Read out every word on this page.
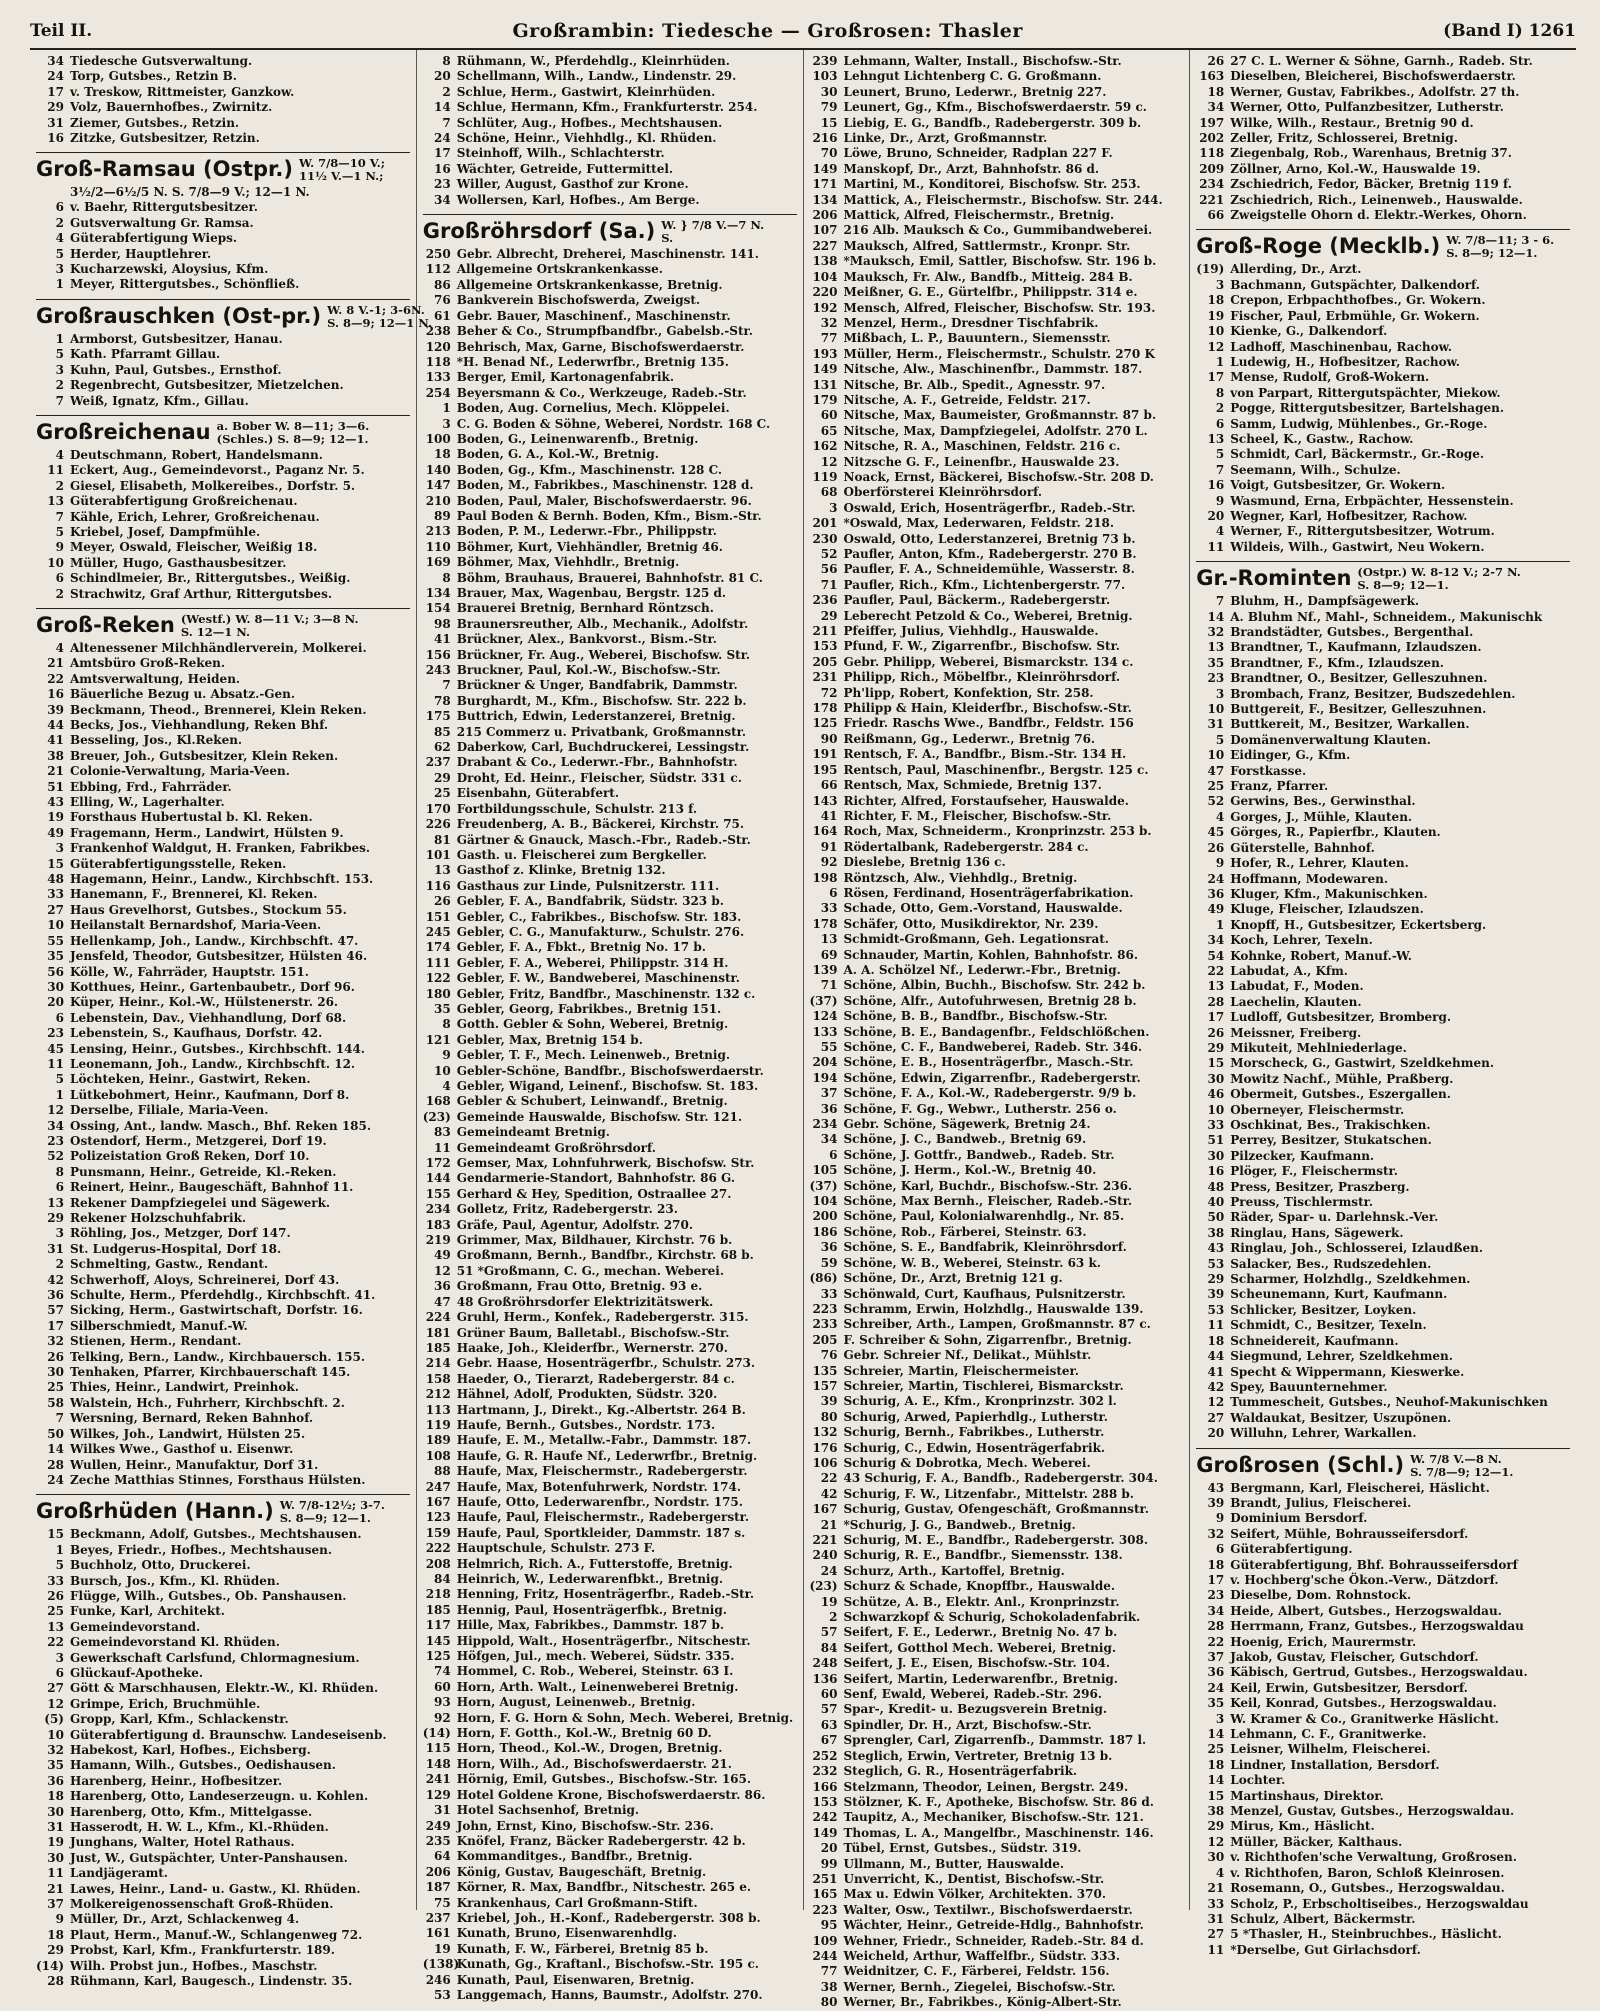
Teil II.	Großrambin: Tiedesche — Großrosen: Thasler	(Band I) 1261
34 Tiedesche Gutsverwaltung.
24 Torp, Gutsbes., Retzin B.
17 v. Treskow, Rittmeister, Ganzkow.
29 Volz, Bauernhofbes., Zwirnitz.
31 Ziemer, Gutsbes., Retzin.
16 Zitzke, Gutsbesitzer, Retzin.
Groß-Ramsau (Ostpr.) W. 7/8—10 V.;
11½ V.—1 N.;
3½/2—6½/5 N. S. 7/8—9 V.; 12—1 N.
6 v. Baehr, Rittergutsbesitzer.
2 Gutsverwaltung Gr. Ramsa.
4 Güterabfertigung Wieps.
5 Herder, Hauptlehrer.
3 Kucharzewski, Aloysius, Kfm.
1 Meyer, Rittergutsbes., Schönfließ.
Großrauschken (Ost-pr.) W. 8 V.-1; 3-6N.
S. 8—9; 12—1 N.
1 Armborst, Gutsbesitzer, Hanau.
5 Kath. Pfarramt Gillau.
3 Kuhn, Paul, Gutsbes., Ernsthof.
2 Regenbrecht, Gutsbesitzer, Mietzelchen.
7 Weiß, Ignatz, Kfm., Gillau.
Großreichenau a. Bober W. 8—11; 3—6.
(Schles.) S. 8—9; 12—1.
4 Deutschmann, Robert, Handelsmann.
11 Eckert, Aug., Gemeindevorst., Paganz Nr. 5.
2 Giesel, Elisabeth, Molkereibes., Dorfstr. 5.
13 Güterabfertigung Großreichenau.
7 Kähle, Erich, Lehrer, Großreichenau.
5 Kriebel, Josef, Dampfmühle.
9 Meyer, Oswald, Fleischer, Weißig 18.
10 Müller, Hugo, Gasthausbesitzer.
6 Schindlmeier, Br., Rittergutsbes., Weißig.
2 Strachwitz, Graf Arthur, Rittergutsbes.
Groß-Reken (Westf.) W. 8—11 V.; 3—8 N.
S. 12—1 N.
4 Altenessener Milchhändlerverein, Molkerei.
21 Amtsbüro Groß-Reken.
22 Amtsverwaltung, Heiden.
16 Bäuerliche Bezug u. Absatz.-Gen.
39 Beckmann, Theod., Brennerei, Klein Reken.
44 Becks, Jos., Viehhandlung, Reken Bhf.
41 Besseling, Jos., Kl.Reken.
38 Breuer, Joh., Gutsbesitzer, Klein Reken.
21 Colonie-Verwaltung, Maria-Veen.
51 Ebbing, Frd., Fahrräder.
43 Elling, W., Lagerhalter.
19 Forsthaus Hubertustal b. Kl. Reken.
49 Fragemann, Herm., Landwirt, Hülsten 9.
3 Frankenhof Waldgut, H. Franken, Fabrikbes.
15 Güterabfertigungsstelle, Reken.
48 Hagemann, Heinr., Landw., Kirchbschft. 153.
33 Hanemann, F., Brennerei, Kl. Reken.
27 Haus Grevelhorst, Gutsbes., Stockum 55.
10 Heilanstalt Bernardshof, Maria-Veen.
55 Hellenkamp, Joh., Landw., Kirchbschft. 47.
35 Jensfeld, Theodor, Gutsbesitzer, Hülsten 46.
56 Kölle, W., Fahrräder, Hauptstr. 151.
30 Kotthues, Heinr., Gartenbaubetr., Dorf 96.
20 Küper, Heinr., Kol.-W., Hülstenerstr. 26.
6 Lebenstein, Dav., Viehhandlung, Dorf 68.
23 Lebenstein, S., Kaufhaus, Dorfstr. 42.
45 Lensing, Heinr., Gutsbes., Kirchbschft. 144.
11 Leonemann, Joh., Landw., Kirchbschft. 12.
5 Löchteken, Heinr., Gastwirt, Reken.
1 Lütkebohmert, Heinr., Kaufmann, Dorf 8.
12 Derselbe, Filiale, Maria-Veen.
34 Ossing, Ant., landw. Masch., Bhf. Reken 185.
23 Ostendorf, Herm., Metzgerei, Dorf 19.
52 Polizeistation Groß Reken, Dorf 10.
8 Punsmann, Heinr., Getreide, Kl.-Reken.
6 Reinert, Heinr., Baugeschäft, Bahnhof 11.
13 Rekener Dampfziegelei und Sägewerk.
29 Rekener Holzschuhfabrik.
3 Röhling, Jos., Metzger, Dorf 147.
31 St. Ludgerus-Hospital, Dorf 18.
2 Schmelting, Gastw., Rendant.
42 Schwerhoff, Aloys, Schreinerei, Dorf 43.
36 Schulte, Herm., Pferdehdlg., Kirchbschft. 41.
57 Sicking, Herm., Gastwirtschaft, Dorfstr. 16.
17 Silberschmiedt, Manuf.-W.
32 Stienen, Herm., Rendant.
26 Telking, Bern., Landw., Kirchbauersch. 155.
30 Tenhaken, Pfarrer, Kirchbauerschaft 145.
25 Thies, Heinr., Landwirt, Preinhok.
58 Walstein, Hch., Fuhrherr, Kirchbschft. 2.
7 Wersning, Bernard, Reken Bahnhof.
50 Wilkes, Joh., Landwirt, Hülsten 25.
14 Wilkes Wwe., Gasthof u. Eisenwr.
28 Wullen, Heinr., Manufaktur, Dorf 31.
24 Zeche Matthias Stinnes, Forsthaus Hülsten.
Großrhüden (Hann.) W. 7/8-12½; 3-7.
S. 8—9; 12—1.
15 Beckmann, Adolf, Gutsbes., Mechtshausen.
1 Beyes, Friedr., Hofbes., Mechtshausen.
5 Buchholz, Otto, Druckerei.
33 Bursch, Jos., Kfm., Kl. Rhüden.
26 Flügge, Wilh., Gutsbes., Ob. Panshausen.
25 Funke, Karl, Architekt.
13 Gemeindevorstand.
22 Gemeindevorstand Kl. Rhüden.
3 Gewerkschaft Carlsfund, Chlormagnesium.
6 Glückauf-Apotheke.
27 Gött & Marschhausen, Elektr.-W., Kl. Rhüden.
12 Grimpe, Erich, Bruchmühle.
(5) Gropp, Karl, Kfm., Schlackenstr.
10 Güterabfertigung d. Braunschw. Landeseisenb.
32 Habekost, Karl, Hofbes., Eichsberg.
35 Hamann, Wilh., Gutsbes., Oedishausen.
36 Harenberg, Heinr., Hofbesitzer.
18 Harenberg, Otto, Landeserzeugn. u. Kohlen.
30 Harenberg, Otto, Kfm., Mittelgasse.
31 Hasserodt, H. W. L., Kfm., Kl.-Rhüden.
19 Junghans, Walter, Hotel Rathaus.
30 Just, W., Gutspächter, Unter-Panshausen.
11 Landjägeramt.
21 Lawes, Heinr., Land- u. Gastw., Kl. Rhüden.
37 Molkereigenossenschaft Groß-Rhüden.
9 Müller, Dr., Arzt, Schlackenweg 4.
18 Plaut, Herm., Manuf.-W., Schlangenweg 72.
29 Probst, Karl, Kfm., Frankfurterstr. 189.
(14) Wilh. Probst jun., Hofbes., Maschstr.
28 Rühmann, Karl, Baugesch., Lindenstr. 35.
8 Rühmann, W., Pferdehdlg., Kleinrhüden.
20 Schellmann, Wilh., Landw., Lindenstr. 29.
2 Schlue, Herm., Gastwirt, Kleinrhüden.
14 Schlue, Hermann, Kfm., Frankfurterstr. 254.
7 Schlüter, Aug., Hofbes., Mechtshausen.
24 Schöne, Heinr., Viehhdlg., Kl. Rhüden.
17 Steinhoff, Wilh., Schlachterstr.
16 Wächter, Getreide, Futtermittel.
23 Willer, August, Gasthof zur Krone.
34 Wollersen, Karl, Hofbes., Am Berge.
Großröhrsdorf (Sa.) W. } 7/8 V.—7 N.
S.
250 Gebr. Albrecht, Dreherei, Maschinenstr. 141.
112 Allgemeine Ortskrankenkasse.
86 Allgemeine Ortskrankenkasse, Bretnig.
76 Bankverein Bischofswerda, Zweigst.
61 Gebr. Bauer, Maschinenf., Maschinenstr.
238 Beher & Co., Strumpfbandfbr., Gabelsb.-Str.
120 Behrisch, Max, Garne, Bischofswerdaerstr.
118 *H. Benad Nf., Lederwrfbr., Bretnig 135.
133 Berger, Emil, Kartonagenfabrik.
254 Beyersmann & Co., Werkzeuge, Radeb.-Str.
1 Boden, Aug. Cornelius, Mech. Klöppelei.
3 C. G. Boden & Söhne, Weberei, Nordstr. 168 C.
100 Boden, G., Leinenwarenfb., Bretnig.
18 Boden, G. A., Kol.-W., Bretnig.
140 Boden, Gg., Kfm., Maschinenstr. 128 C.
147 Boden, M., Fabrikbes., Maschinenstr. 128 d.
210 Boden, Paul, Maler, Bischofswerdaerstr. 96.
89 Paul Boden & Bernh. Boden, Kfm., Bism.-Str.
213 Boden, P. M., Lederwr.-Fbr., Philippstr.
110 Böhmer, Kurt, Viehhändler, Bretnig 46.
169 Böhmer, Max, Viehhdlr., Bretnig.
8 Böhm, Brauhaus, Brauerei, Bahnhofstr. 81 C.
134 Brauer, Max, Wagenbau, Bergstr. 125 d.
154 Brauerei Bretnig, Bernhard Röntzsch.
98 Braunersreuther, Alb., Mechanik., Adolfstr.
41 Brückner, Alex., Bankvorst., Bism.-Str.
156 Brückner, Fr. Aug., Weberei, Bischofsw. Str.
243 Bruckner, Paul, Kol.-W., Bischofsw.-Str.
7 Brückner & Unger, Bandfabrik, Dammstr.
78 Burghardt, M., Kfm., Bischofsw. Str. 222 b.
175 Buttrich, Edwin, Lederstanzerei, Bretnig.
85 215 Commerz u. Privatbank, Großmannstr.
62 Daberkow, Carl, Buchdruckerei, Lessingstr.
237 Drabant & Co., Lederwr.-Fbr., Bahnhofstr.
29 Droht, Ed. Heinr., Fleischer, Südstr. 331 c.
25 Eisenbahn, Güterabfert.
170 Fortbildungsschule, Schulstr. 213 f.
226 Freudenberg, A. B., Bäckerei, Kirchstr. 75.
81 Gärtner & Gnauck, Masch.-Fbr., Radeb.-Str.
101 Gasth. u. Fleischerei zum Bergkeller.
13 Gasthof z. Klinke, Bretnig 132.
116 Gasthaus zur Linde, Pulsnitzerstr. 111.
26 Gebler, F. A., Bandfabrik, Südstr. 323 b.
151 Gebler, C., Fabrikbes., Bischofsw. Str. 183.
245 Gebler, C. G., Manufakturw., Schulstr. 276.
174 Gebler, F. A., Fbkt., Bretnig No. 17 b.
111 Gebler, F. A., Weberei, Philippstr. 314 H.
122 Gebler, F. W., Bandweberei, Maschinenstr.
180 Gebler, Fritz, Bandfbr., Maschinenstr. 132 c.
35 Gebler, Georg, Fabrikbes., Bretnig 151.
8 Gotth. Gebler & Sohn, Weberei, Bretnig.
121 Gebler, Max, Bretnig 154 b.
9 Gebler, T. F., Mech. Leinenweb., Bretnig.
10 Gebler-Schöne, Bandfbr., Bischofswerdaerstr.
4 Gebler, Wigand, Leinenf., Bischofsw. St. 183.
168 Gebler & Schubert, Leinwandf., Bretnig.
(23) Gemeinde Hauswalde, Bischofsw. Str. 121.
83 Gemeindeamt Bretnig.
11 Gemeindeamt Großröhrsdorf.
172 Gemser, Max, Lohnfuhrwerk, Bischofsw. Str.
144 Gendarmerie-Standort, Bahnhofstr. 86 G.
155 Gerhard & Hey, Spedition, Ostraallee 27.
234 Golletz, Fritz, Radebergerstr. 23.
183 Gräfe, Paul, Agentur, Adolfstr. 270.
219 Grimmer, Max, Bildhauer, Kirchstr. 76 b.
49 Großmann, Bernh., Bandfbr., Kirchstr. 68 b.
12 51 *Großmann, C. G., mechan. Weberei.
36 Großmann, Frau Otto, Bretnig. 93 e.
47 48 Großröhrsdorfer Elektrizitätswerk.
224 Gruhl, Herm., Konfek., Radebergerstr. 315.
181 Grüner Baum, Balletabl., Bischofsw.-Str.
185 Haake, Joh., Kleiderfbr., Wernerstr. 270.
214 Gebr. Haase, Hosenträgerfbr., Schulstr. 273.
158 Haeder, O., Tierarzt, Radebergerstr. 84 c.
212 Hähnel, Adolf, Produkten, Südstr. 320.
113 Hartmann, J., Direkt., Kg.-Albertstr. 264 B.
119 Haufe, Bernh., Gutsbes., Nordstr. 173.
189 Haufe, E. M., Metallw.-Fabr., Dammstr. 187.
108 Haufe, G. R. Haufe Nf., Lederwrfbr., Bretnig.
88 Haufe, Max, Fleischermstr., Radebergerstr.
247 Haufe, Max, Botenfuhrwerk, Nordstr. 174.
167 Haufe, Otto, Lederwarenfbr., Nordstr. 175.
123 Haufe, Paul, Fleischermstr., Radebergerstr.
159 Haufe, Paul, Sportkleider, Dammstr. 187 s.
222 Hauptschule, Schulstr. 273 F.
208 Helmrich, Rich. A., Futterstoffe, Bretnig.
84 Heinrich, W., Lederwarenfbkt., Bretnig.
218 Henning, Fritz, Hosenträgerfbr., Radeb.-Str.
185 Hennig, Paul, Hosenträgerfbk., Bretnig.
117 Hille, Max, Fabrikbes., Dammstr. 187 b.
145 Hippold, Walt., Hosenträgerfbr., Nitschestr.
125 Höfgen, Jul., mech. Weberei, Südstr. 335.
74 Hommel, C. Rob., Weberei, Steinstr. 63 I.
60 Horn, Arth. Walt., Leinenweberei Bretnig.
93 Horn, August, Leinenweb., Bretnig.
92 Horn, F. G. Horn & Sohn, Mech. Weberei, Bretnig.
(14) Horn, F. Gotth., Kol.-W., Bretnig 60 D.
115 Horn, Theod., Kol.-W., Drogen, Bretnig.
148 Horn, Wilh., Ad., Bischofswerdaerstr. 21.
241 Hörnig, Emil, Gutsbes., Bischofsw.-Str. 165.
129 Hotel Goldene Krone, Bischofswerdaerstr. 86.
31 Hotel Sachsenhof, Bretnig.
249 John, Ernst, Kino, Bischofsw.-Str. 236.
235 Knöfel, Franz, Bäcker Radebergerstr. 42 b.
64 Kommanditges., Bandfbr., Bretnig.
206 König, Gustav, Baugeschäft, Bretnig.
187 Körner, R. Max, Bandfbr., Nitschestr. 265 e.
75 Krankenhaus, Carl Großmann-Stift.
237 Kriebel, Joh., H.-Konf., Radebergerstr. 308 b.
161 Kunath, Bruno, Eisenwarenhdlg.
19 Kunath, F. W., Färberei, Bretnig 85 b.
(138)
Kunath, Gg., Kraftanl., Bischofsw.-Str. 195 c.
246 Kunath, Paul, Eisenwaren, Bretnig.
53 Langgemach, Hanns, Baumstr., Adolfstr. 270.
239 Lehmann, Walter, Install., Bischofsw.-Str.
103 Lehngut Lichtenberg C. G. Großmann.
30 Leunert, Bruno, Lederwr., Bretnig 227.
79 Leunert, Gg., Kfm., Bischofswerdaerstr. 59 c.
15 Liebig, E. G., Bandfb., Radebergerstr. 309 b.
216 Linke, Dr., Arzt, Großmannstr.
70 Löwe, Bruno, Schneider, Radplan 227 F.
149 Manskopf, Dr., Arzt, Bahnhofstr. 86 d.
171 Martini, M., Konditorei, Bischofsw. Str. 253.
134 Mattick, A., Fleischermstr., Bischofsw. Str. 244.
206 Mattick, Alfred, Fleischermstr., Bretnig.
107 216 Alb. Mauksch & Co., Gummibandweberei.
227 Mauksch, Alfred, Sattlermstr., Kronpr. Str.
138 *Mauksch, Emil, Sattler, Bischofsw. Str. 196 b.
104 Mauksch, Fr. Alw., Bandfb., Mitteig. 284 B.
220 Meißner, G. E., Gürtelfbr., Philippstr. 314 e.
192 Mensch, Alfred, Fleischer, Bischofsw. Str. 193.
32 Menzel, Herm., Dresdner Tischfabrik.
77 Mißbach, L. P., Bauuntern., Siemensstr.
193 Müller, Herm., Fleischermstr., Schulstr. 270 K
149 Nitsche, Alw., Maschinenfbr., Dammstr. 187.
131 Nitsche, Br. Alb., Spedit., Agnesstr. 97.
179 Nitsche, A. F., Getreide, Feldstr. 217.
60 Nitsche, Max, Baumeister, Großmannstr. 87 b.
65 Nitsche, Max, Dampfziegelei, Adolfstr. 270 L.
162 Nitsche, R. A., Maschinen, Feldstr. 216 c.
12 Nitzsche G. F., Leinenfbr., Hauswalde 23.
119 Noack, Ernst, Bäckerei, Bischofsw.-Str. 208 D.
68 Oberförsterei Kleinröhrsdorf.
3 Oswald, Erich, Hosenträgerfbr., Radeb.-Str.
201 *Oswald, Max, Lederwaren, Feldstr. 218.
230 Oswald, Otto, Lederstanzerei, Bretnig 73 b.
52 Paufler, Anton, Kfm., Radebergerstr. 270 B.
56 Paufler, F. A., Schneidemühle, Wasserstr. 8.
71 Paufler, Rich., Kfm., Lichtenbergerstr. 77.
236 Paufler, Paul, Bäckerm., Radebergerstr.
29 Leberecht Petzold & Co., Weberei, Bretnig.
211 Pfeiffer, Julius, Viehhdlg., Hauswalde.
153 Pfund, F. W., Zigarrenfbr., Bischofsw. Str.
205 Gebr. Philipp, Weberei, Bismarckstr. 134 c.
231 Philipp, Rich., Möbelfbr., Kleinröhrsdorf.
72 Ph'lipp, Robert, Konfektion, Str. 258.
178 Philipp & Hain, Kleiderfbr., Bischofsw.-Str.
125 Friedr. Raschs Wwe., Bandfbr., Feldstr. 156
90 Reißmann, Gg., Lederwr., Bretnig 76.
191 Rentsch, F. A., Bandfbr., Bism.-Str. 134 H.
195 Rentsch, Paul, Maschinenfbr., Bergstr. 125 c.
66 Rentsch, Max, Schmiede, Bretnig 137.
143 Richter, Alfred, Forstaufseher, Hauswalde.
41 Richter, F. M., Fleischer, Bischofsw.-Str.
164 Roch, Max, Schneiderm., Kronprinzstr. 253 b.
91 Rödertalbank, Radebergerstr. 284 c.
92 Dieslebe, Bretnig 136 c.
198 Röntzsch, Alw., Viehhdlg., Bretnig.
6 Rösen, Ferdinand, Hosenträgerfabrikation.
33 Schade, Otto, Gem.-Vorstand, Hauswalde.
178 Schäfer, Otto, Musikdirektor, Nr. 239.
13 Schmidt-Großmann, Geh. Legationsrat.
69 Schnauder, Martin, Kohlen, Bahnhofstr. 86.
139 A. A. Schölzel Nf., Lederwr.-Fbr., Bretnig.
71 Schöne, Albin, Buchh., Bischofsw. Str. 242 b.
(37) Schöne, Alfr., Autofuhrwesen, Bretnig 28 b.
124 Schöne, B. B., Bandfbr., Bischofsw.-Str.
133 Schöne, B. E., Bandagenfbr., Feldschlößchen.
55 Schöne, C. F., Bandweberei, Radeb. Str. 346.
204 Schöne, E. B., Hosenträgerfbr., Masch.-Str.
194 Schöne, Edwin, Zigarrenfbr., Radebergerstr.
37 Schöne, F. A., Kol.-W., Radebergerstr. 9/9 b.
36 Schöne, F. Gg., Webwr., Lutherstr. 256 o.
234 Gebr. Schöne, Sägewerk, Bretnig 24.
34 Schöne, J. C., Bandweb., Bretnig 69.
6 Schöne, J. Gottfr., Bandweb., Radeb. Str.
105 Schöne, J. Herm., Kol.-W., Bretnig 40.
(37) Schöne, Karl, Buchdr., Bischofsw.-Str. 236.
104 Schöne, Max Bernh., Fleischer, Radeb.-Str.
200 Schöne, Paul, Kolonialwarenhdlg., Nr. 85.
186 Schöne, Rob., Färberei, Steinstr. 63.
36 Schöne, S. E., Bandfabrik, Kleinröhrsdorf.
59 Schöne, W. B., Weberei, Steinstr. 63 k.
(86) Schöne, Dr., Arzt, Bretnig 121 g.
33 Schönwald, Curt, Kaufhaus, Pulsnitzerstr.
223 Schramm, Erwin, Holzhdlg., Hauswalde 139.
233 Schreiber, Arth., Lampen, Großmannstr. 87 c.
205 F. Schreiber & Sohn, Zigarrenfbr., Bretnig.
76 Gebr. Schreier Nf., Delikat., Mühlstr.
135 Schreier, Martin, Fleischermeister.
157 Schreier, Martin, Tischlerei, Bismarckstr.
39 Schurig, A. E., Kfm., Kronprinzstr. 302 l.
80 Schurig, Arwed, Papierhdlg., Lutherstr.
132 Schurig, Bernh., Fabrikbes., Lutherstr.
176 Schurig, C., Edwin, Hosenträgerfabrik.
106 Schurig & Dobrotka, Mech. Weberei.
22 43 Schurig, F. A., Bandfb., Radebergerstr. 304.
42 Schurig, F. W., Litzenfabr., Mittelstr. 288 b.
167 Schurig, Gustav, Ofengeschäft, Großmannstr.
21 *Schurig, J. G., Bandweb., Bretnig.
221 Schurig, M. E., Bandfbr., Radebergerstr. 308.
240 Schurig, R. E., Bandfbr., Siemensstr. 138.
24 Schurz, Arth., Kartoffel, Bretnig.
(23) Schurz & Schade, Knopffbr., Hauswalde.
19 Schütze, A. B., Elektr. Anl., Kronprinzstr.
2 Schwarzkopf & Schurig, Schokoladenfabrik.
57 Seifert, F. E., Lederwr., Bretnig No. 47 b.
84 Seifert, Gotthol Mech. Weberei, Bretnig.
248 Seifert, J. E., Eisen, Bischofsw.-Str. 104.
136 Seifert, Martin, Lederwarenfbr., Bretnig.
60 Senf, Ewald, Weberei, Radeb.-Str. 296.
57 Spar-, Kredit- u. Bezugsverein Bretnig.
63 Spindler, Dr. H., Arzt, Bischofsw.-Str.
67 Sprengler, Carl, Zigarrenfb., Dammstr. 187 l.
252 Steglich, Erwin, Vertreter, Bretnig 13 b.
232 Steglich, G. R., Hosenträgerfabrik.
166 Stelzmann, Theodor, Leinen, Bergstr. 249.
153 Stölzner, K. F., Apotheke, Bischofsw. Str. 86 d.
242 Taupitz, A., Mechaniker, Bischofsw.-Str. 121.
149 Thomas, L. A., Mangelfbr., Maschinenstr. 146.
20 Tübel, Ernst, Gutsbes., Südstr. 319.
99 Ullmann, M., Butter, Hauswalde.
251 Unverricht, K., Dentist, Bischofsw.-Str.
165 Max u. Edwin Völker, Architekten. 370.
223 Walter, Osw., Textilwr., Bischofswerdaerstr.
95 Wächter, Heinr., Getreide-Hdlg., Bahnhofstr.
109 Wehner, Friedr., Schneider, Radeb.-Str. 84 d.
244 Weicheld, Arthur, Waffelfbr., Südstr. 333.
77 Weidnitzer, C. F., Färberei, Feldstr. 156.
38 Werner, Bernh., Ziegelei, Bischofsw.-Str.
80 Werner, Br., Fabrikbes., König-Albert-Str.
26 27 C. L. Werner & Söhne, Garnh., Radeb. Str.
163 Dieselben, Bleicherei, Bischofswerdaerstr.
18 Werner, Gustav, Fabrikbes., Adolfstr. 27 th.
34 Werner, Otto, Pulfanzbesitzer, Lutherstr.
197 Wilke, Wilh., Restaur., Bretnig 90 d.
202 Zeller, Fritz, Schlosserei, Bretnig.
118 Ziegenbalg, Rob., Warenhaus, Bretnig 37.
209 Zöllner, Arno, Kol.-W., Hauswalde 19.
234 Zschiedrich, Fedor, Bäcker, Bretnig 119 f.
221 Zschiedrich, Rich., Leinenweb., Hauswalde.
66 Zweigstelle Ohorn d. Elektr.-Werkes, Ohorn.
Groß-Roge (Mecklb.) W. 7/8—11; 3 - 6.
S. 8—9; 12—1.
(19) Allerding, Dr., Arzt.
3 Bachmann, Gutspächter, Dalkendorf.
18 Crepon, Erbpachthofbes., Gr. Wokern.
19 Fischer, Paul, Erbmühle, Gr. Wokern.
10 Kienke, G., Dalkendorf.
12 Ladhoff, Maschinenbau, Rachow.
1 Ludewig, H., Hofbesitzer, Rachow.
17 Mense, Rudolf, Groß-Wokern.
8 von Parpart, Rittergutspächter, Miekow.
2 Pogge, Rittergutsbesitzer, Bartelshagen.
6 Samm, Ludwig, Mühlenbes., Gr.-Roge.
13 Scheel, K., Gastw., Rachow.
5 Schmidt, Carl, Bäckermstr., Gr.-Roge.
7 Seemann, Wilh., Schulze.
16 Voigt, Gutsbesitzer, Gr. Wokern.
9 Wasmund, Erna, Erbpächter, Hessenstein.
20 Wegner, Karl, Hofbesitzer, Rachow.
4 Werner, F., Rittergutsbesitzer, Wotrum.
11 Wildeis, Wilh., Gastwirt, Neu Wokern.
Gr.-Rominten (Ostpr.) W. 8-12 V.; 2-7 N.
S. 8—9; 12—1.
7 Bluhm, H., Dampfsägewerk.
14 A. Bluhm Nf., Mahl-, Schneidem., Makunischk
32 Brandstädter, Gutsbes., Bergenthal.
13 Brandtner, T., Kaufmann, Izlaudszen.
35 Brandtner, F., Kfm., Izlaudszen.
23 Brandtner, O., Besitzer, Gelleszuhnen.
3 Brombach, Franz, Besitzer, Budszedehlen.
10 Buttgereit, F., Besitzer, Gelleszuhnen.
31 Buttkereit, M., Besitzer, Warkallen.
5 Domänenverwaltung Klauten.
10 Eidinger, G., Kfm.
47 Forstkasse.
25 Franz, Pfarrer.
52 Gerwins, Bes., Gerwinsthal.
4 Gorges, J., Mühle, Klauten.
45 Görges, R., Papierfbr., Klauten.
26 Güterstelle, Bahnhof.
9 Hofer, R., Lehrer, Klauten.
24 Hoffmann, Modewaren.
36 Kluger, Kfm., Makunischken.
49 Kluge, Fleischer, Izlaudszen.
1 Knopff, H., Gutsbesitzer, Eckertsberg.
34 Koch, Lehrer, Texeln.
54 Kohnke, Robert, Manuf.-W.
22 Labudat, A., Kfm.
13 Labudat, F., Moden.
28 Laechelin, Klauten.
17 Ludloff, Gutsbesitzer, Bromberg.
26 Meissner, Freiberg.
29 Mikuteit, Mehlniederlage.
15 Morscheck, G., Gastwirt, Szeldkehmen.
30 Mowitz Nachf., Mühle, Praßberg.
46 Obermeit, Gutsbes., Eszergallen.
10 Oberneyer, Fleischermstr.
33 Oschkinat, Bes., Trakischken.
51 Perrey, Besitzer, Stukatschen.
30 Pilzecker, Kaufmann.
16 Plöger, F., Fleischermstr.
48 Press, Besitzer, Praszberg.
40 Preuss, Tischlermstr.
50 Räder, Spar- u. Darlehnsk.-Ver.
38 Ringlau, Hans, Sägewerk.
43 Ringlau, Joh., Schlosserei, Izlaudßen.
53 Salacker, Bes., Rudszedehlen.
29 Scharmer, Holzhdlg., Szeldkehmen.
39 Scheunemann, Kurt, Kaufmann.
53 Schlicker, Besitzer, Loyken.
11 Schmidt, C., Besitzer, Texeln.
18 Schneidereit, Kaufmann.
44 Siegmund, Lehrer, Szeldkehmen.
41 Specht & Wippermann, Kieswerke.
42 Spey, Bauunternehmer.
12 Tummescheit, Gutsbes., Neuhof-Makunischken
27 Waldaukat, Besitzer, Uszupönen.
20 Willuhn, Lehrer, Warkallen.
Großrosen (Schl.) W. 7/8 V.—8 N.
S. 7/8—9; 12—1.
43 Bergmann, Karl, Fleischerei, Häslicht.
39 Brandt, Julius, Fleischerei.
9 Dominium Bersdorf.
32 Seifert, Mühle, Bohrausseifersdorf.
6 Güterabfertigung.
18 Güterabfertigung, Bhf. Bohrausseifersdorf
17 v. Hochberg'sche Ökon.-Verw., Dätzdorf.
23 Dieselbe, Dom. Rohnstock.
34 Heide, Albert, Gutsbes., Herzogswaldau.
28 Herrmann, Franz, Gutsbes., Herzogswaldau
22 Hoenig, Erich, Maurermstr.
37 Jakob, Gustav, Fleischer, Gutschdorf.
36 Käbisch, Gertrud, Gutsbes., Herzogswaldau.
24 Keil, Erwin, Gutsbesitzer, Bersdorf.
35 Keil, Konrad, Gutsbes., Herzogswaldau.
3 W. Kramer & Co., Granitwerke Häslicht.
14 Lehmann, C. F., Granitwerke.
25 Leisner, Wilhelm, Fleischerei.
18 Lindner, Installation, Bersdorf.
14 Lochter.
15 Martinshaus, Direktor.
38 Menzel, Gustav, Gutsbes., Herzogswaldau.
29 Mirus, Km., Häslicht.
12 Müller, Bäcker, Kalthaus.
30 v. Richthofen'sche Verwaltung, Großrosen.
4 v. Richthofen, Baron, Schloß Kleinrosen.
21 Rosemann, O., Gutsbes., Herzogswaldau.
33 Scholz, P., Erbscholtiseibes., Herzogswaldau
31 Schulz, Albert, Bäckermstr.
27 5 *Thasler, H., Steinbruchbes., Häslicht.
11 *Derselbe, Gut Girlachsdorf.
